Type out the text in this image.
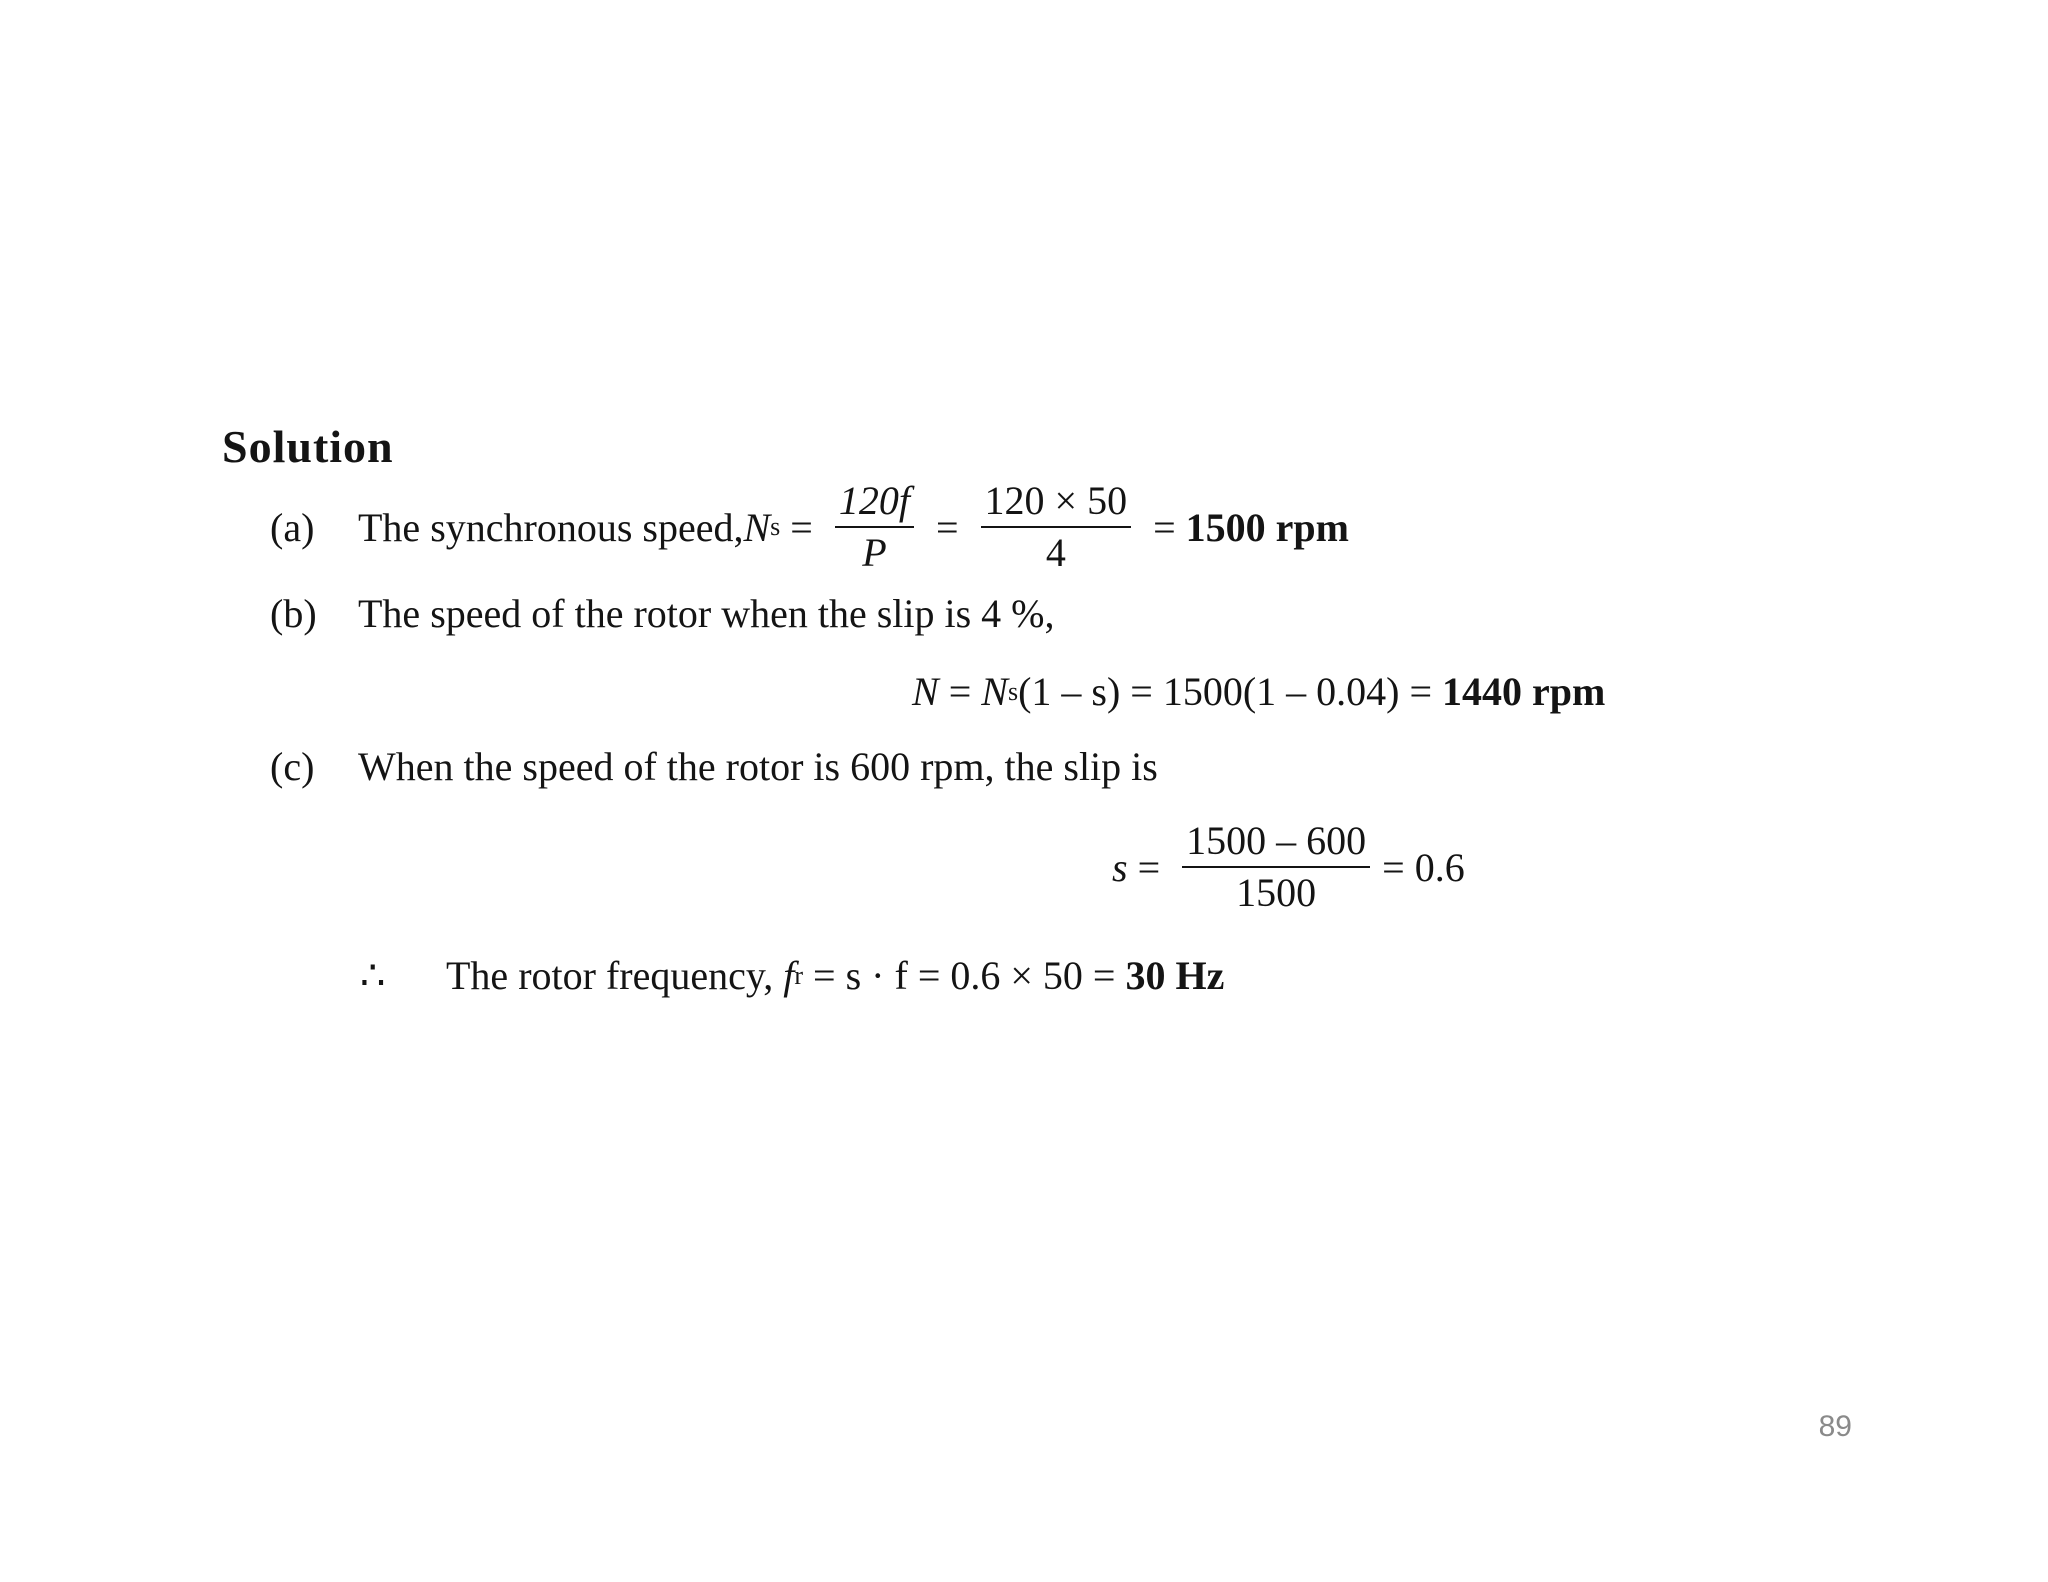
Solution
(a)	The synchronous speed, N $s = \frac{120f}{P} = \frac{120 \times 50}{4} = 1500$ rpm
(b)	The speed of the rotor when the slip is 4 %,
N = N s (1 – s) = 1500(1 – 0.04) = 1440 rpm
(c)	When the speed of the rotor is 600 rpm, the slip is
$s = \frac{1500 - 600}{1500} = 0.6$
∴	The rotor frequency, f r = s · f = 0.6 × 50 = 30 Hz
89
